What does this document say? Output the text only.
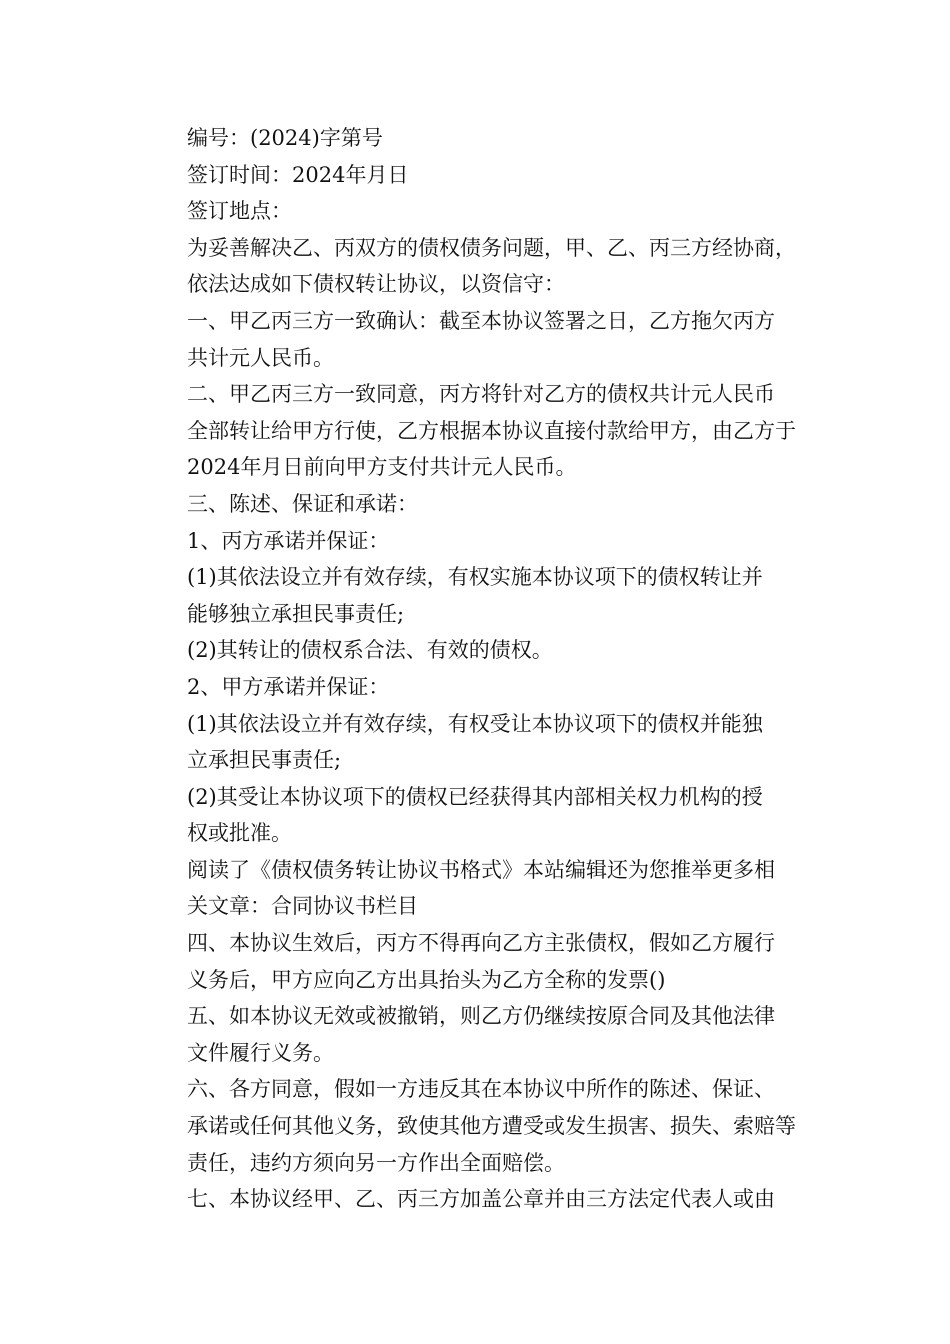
编号：(2024)字第号
签订时间：2024年月日
签订地点：
为妥善解决乙、丙双方的债权债务问题，甲、乙、丙三方经协商，
依法达成如下债权转让协议，以资信守：
一、甲乙丙三方一致确认：截至本协议签署之日，乙方拖欠丙方
共计元人民币。
二、甲乙丙三方一致同意，丙方将针对乙方的债权共计元人民币
全部转让给甲方行使，乙方根据本协议直接付款给甲方，由乙方于
2024年月日前向甲方支付共计元人民币。
三、陈述、保证和承诺：
1、丙方承诺并保证：
(1)其依法设立并有效存续，有权实施本协议项下的债权转让并
能够独立承担民事责任;
(2)其转让的债权系合法、有效的债权。
2、甲方承诺并保证：
(1)其依法设立并有效存续，有权受让本协议项下的债权并能独
立承担民事责任;
(2)其受让本协议项下的债权已经获得其内部相关权力机构的授
权或批准。
阅读了《债权债务转让协议书格式》本站编辑还为您推举更多相
关文章：合同协议书栏目
四、本协议生效后，丙方不得再向乙方主张债权，假如乙方履行
义务后，甲方应向乙方出具抬头为乙方全称的发票()
五、如本协议无效或被撤销，则乙方仍继续按原合同及其他法律
文件履行义务。
六、各方同意，假如一方违反其在本协议中所作的陈述、保证、
承诺或任何其他义务，致使其他方遭受或发生损害、损失、索赔等
责任，违约方须向另一方作出全面赔偿。
七、本协议经甲、乙、丙三方加盖公章并由三方法定代表人或由
